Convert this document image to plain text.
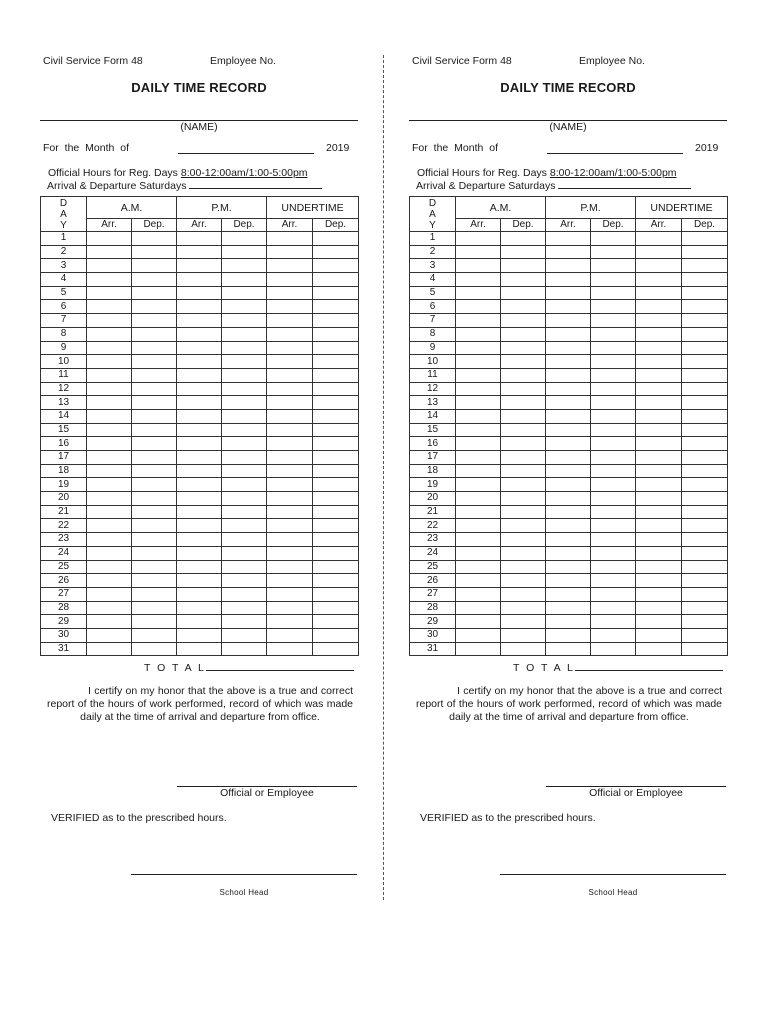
Civil Service Form 48	Employee No.
DAILY TIME RECORD
(NAME)
For the Month of	2019
Official Hours for Reg. Days 8:00-12:00am/1:00-5:00pm
Arrival & Departure Saturdays
D
A
Y	A.M.		P.M.		UNDERTIME	
	Arr.	Dep.	Arr.	Dep.	Arr.	Dep.
1						
2						
3						
4						
5						
6						
7						
8						
9						
10						
11						
12						
13						
14						
15						
16						
17						
18						
19						
20						
21						
22						
23						
24						
25						
26						
27						
28						
29						
30						
31						
T O T A L
I certify on my honor that the above is a true and correct report of the hours of work performed, record of which was made daily at the time of arrival and departure from office.
Official or Employee
VERIFIED as to the prescribed hours.
School Head
Civil Service Form 48	Employee No.
DAILY TIME RECORD
(NAME)
For the Month of	2019
Official Hours for Reg. Days 8:00-12:00am/1:00-5:00pm
Arrival & Departure Saturdays
D
A
Y	A.M.		P.M.		UNDERTIME	
	Arr.	Dep.	Arr.	Dep.	Arr.	Dep.
1						
2						
3						
4						
5						
6						
7						
8						
9						
10						
11						
12						
13						
14						
15						
16						
17						
18						
19						
20						
21						
22						
23						
24						
25						
26						
27						
28						
29						
30						
31						
T O T A L
I certify on my honor that the above is a true and correct report of the hours of work performed, record of which was made daily at the time of arrival and departure from office.
Official or Employee
VERIFIED as to the prescribed hours.
School Head
